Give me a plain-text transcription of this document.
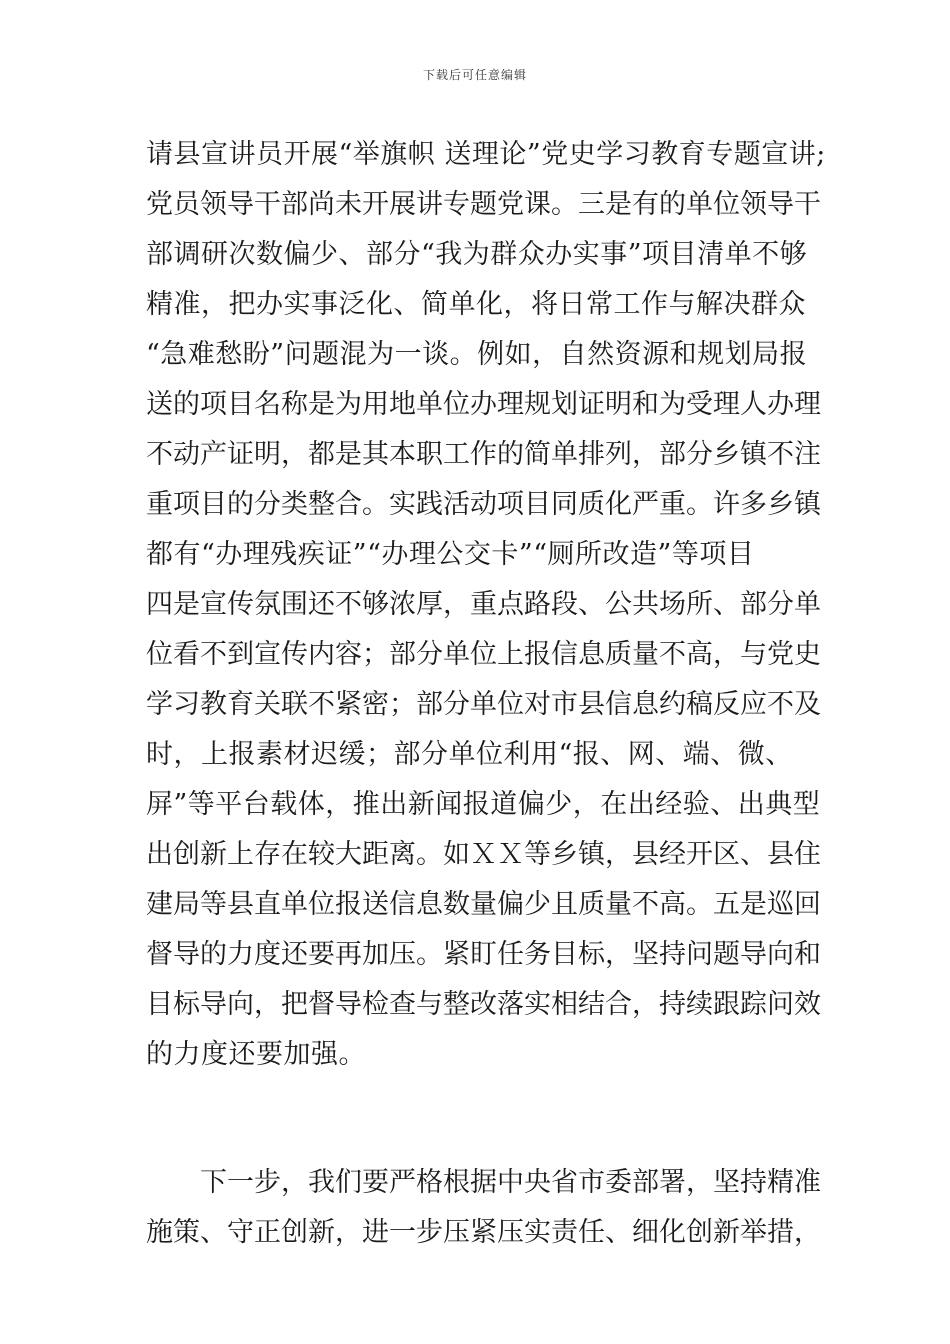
下载后可任意编辑
请县宣讲员开展“举旗帜 送理论”党史学习教育专题宣讲;
党员领导干部尚未开展讲专题党课。三是有的单位领导干
部调研次数偏少、部分“我为群众办实事”项目清单不够
精准，把办实事泛化、简单化，将日常工作与解决群众
“急难愁盼”问题混为一谈。例如，自然资源和规划局报
送的项目名称是为用地单位办理规划证明和为受理人办理
不动产证明，都是其本职工作的简单排列，部分乡镇不注
重项目的分类整合。实践活动项目同质化严重。许多乡镇
都有“办理残疾证”“办理公交卡”“厕所改造”等项目
四是宣传氛围还不够浓厚，重点路段、公共场所、部分单
位看不到宣传内容；部分单位上报信息质量不高，与党史
学习教育关联不紧密；部分单位对市县信息约稿反应不及
时，上报素材迟缓；部分单位利用“报、网、端、微、
屏”等平台载体，推出新闻报道偏少，在出经验、出典型
出创新上存在较大距离。如ＸＸ等乡镇，县经开区、县住
建局等县直单位报送信息数量偏少且质量不高。五是巡回
督导的力度还要再加压。紧盯任务目标，坚持问题导向和
目标导向，把督导检查与整改落实相结合，持续跟踪问效
的力度还要加强。
　　下一步，我们要严格根据中央省市委部署，坚持精准
施策、守正创新，进一步压紧压实责任、细化创新举措，
